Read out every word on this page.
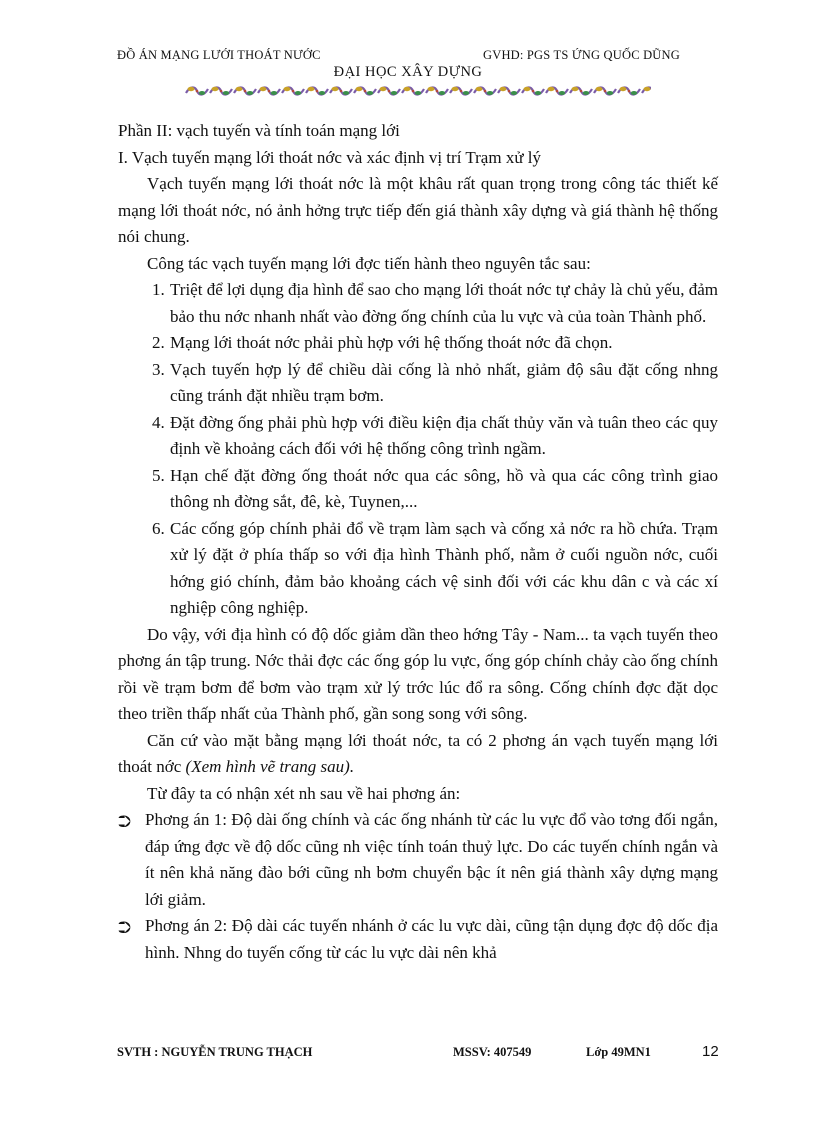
ĐỒ ÁN MẠNG LƯỚI THOÁT NƯỚC	GVHD: PGS TS ỨNG QUỐC DŨNG
ĐẠI HỌC XÂY DỰNG

Phần II: vạch tuyến và tính toán mạng lới

I. Vạch tuyến mạng lới thoát nớc và xác định vị trí Trạm xử lý

Vạch tuyến mạng lới thoát nớc là một khâu rất quan trọng trong công tác thiết kế mạng lới thoát nớc, nó ảnh hởng trực tiếp đến giá thành xây dựng và giá thành hệ thống nói chung.

Công tác vạch tuyến mạng lới đợc tiến hành theo nguyên tắc sau:

1. Triệt để lợi dụng địa hình để sao cho mạng lới thoát nớc tự chảy là chủ yếu, đảm bảo thu nớc nhanh nhất vào đờng ống chính của lu vực và của toàn Thành phố.
2. Mạng lới thoát nớc phải phù hợp với hệ thống thoát nớc đã chọn.
3. Vạch tuyến hợp lý để chiều dài cống là nhỏ nhất, giảm độ sâu đặt cống nhng cũng tránh đặt nhiều trạm bơm.
4. Đặt đờng ống phải phù hợp với điều kiện địa chất thủy văn và tuân theo các quy định về khoảng cách đối với hệ thống công trình ngầm.
5. Hạn chế đặt đờng ống thoát nớc qua các sông, hồ và qua các công trình giao thông nh đờng sắt, đê, kè, Tuynen,...
6. Các cống góp chính phải đổ về trạm làm sạch và cống xả nớc ra hồ chứa. Trạm xử lý đặt ở phía thấp so với địa hình Thành phố, nằm ở cuối nguồn nớc, cuối hớng gió chính, đảm bảo khoảng cách vệ sinh đối với các khu dân c và các xí nghiệp công nghiệp.

Do vậy, với địa hình có độ dốc giảm dần theo hớng Tây - Nam... ta vạch tuyến theo phơng án tập trung. Nớc thải đợc các ống góp lu vực, ống góp chính chảy cào ống chính rồi về trạm bơm để bơm vào trạm xử lý trớc lúc đổ ra sông. Cống chính đợc đặt dọc theo triền thấp nhất của Thành phố, gần song song với sông.

Căn cứ vào mặt bằng mạng lới thoát nớc, ta có 2 phơng án vạch tuyến mạng lới thoát nớc (Xem hình vẽ trang sau).

Từ đây ta có nhận xét nh sau về hai phơng án:

⮊ Phơng án 1: Độ dài ống chính và các ống nhánh từ các lu vực đổ vào tơng đối ngắn, đáp ứng đợc về độ dốc cũng nh việc tính toán thuỷ lực. Do các tuyến chính ngắn và ít nên khả năng đào bới cũng nh bơm chuyển bậc ít nên giá thành xây dựng mạng lới giảm.
⮊ Phơng án 2: Độ dài các tuyến nhánh ở các lu vực dài, cũng tận dụng đợc độ dốc địa hình. Nhng do tuyến cống từ các lu vực dài nên khả
SVTH : NGUYỄN TRUNG THẠCH	MSSV: 407549	Lớp 49MN1	12
